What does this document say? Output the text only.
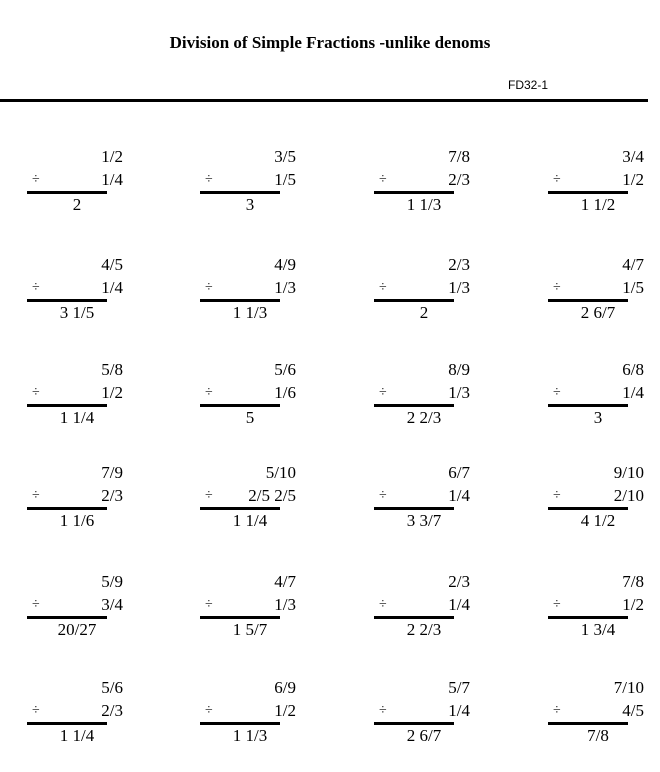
Division of Simple Fractions -unlike denoms
FD32-1
1/2
÷	1/4
2
3/5
÷	1/5
3
7/8
÷	2/3
1 1/3
3/4
÷	1/2
1 1/2
4/5
÷	1/4
3 1/5
4/9
÷	1/3
1 1/3
2/3
÷	1/3
2
4/7
÷	1/5
2 6/7
5/8
÷	1/2
1 1/4
5/6
÷	1/6
5
8/9
÷	1/3
2 2/3
6/8
÷	1/4
3
7/9
÷	2/3
1 1/6
5/10
÷ 2/5 2/5
1 1/4
6/7
÷	1/4
3 3/7
9/10
÷	2/10
4 1/2
5/9
÷	3/4
20/27
4/7
÷	1/3
1 5/7
2/3
÷	1/4
2 2/3
7/8
÷	1/2
1 3/4
5/6
÷	2/3
1 1/4
6/9
÷	1/2
1 1/3
5/7
÷	1/4
2 6/7
7/10
÷	4/5
7/8
